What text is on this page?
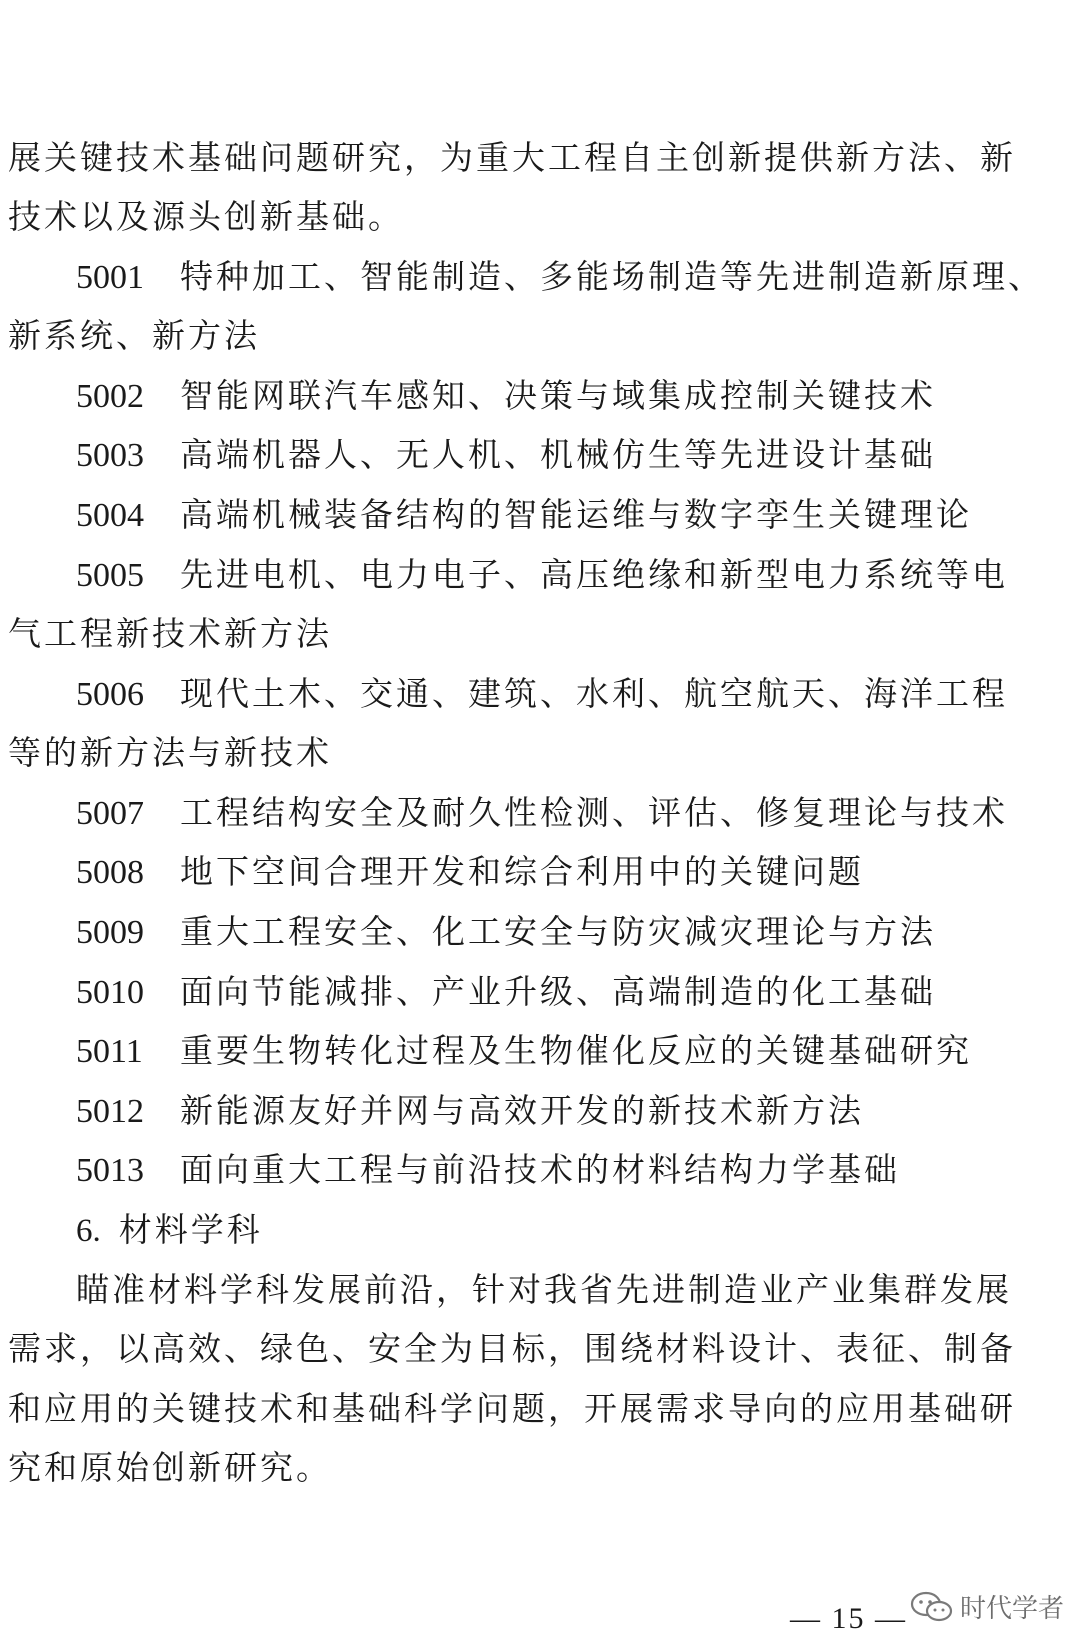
展关键技术基础问题研究，为重大工程自主创新提供新方法、新
技术以及源头创新基础。
5001 特种加工、智能制造、多能场制造等先进制造新原理、
新系统、新方法
5002 智能网联汽车感知、决策与域集成控制关键技术
5003 高端机器人、无人机、机械仿生等先进设计基础
5004 高端机械装备结构的智能运维与数字孪生关键理论
5005 先进电机、电力电子、高压绝缘和新型电力系统等电
气工程新技术新方法
5006 现代土木、交通、建筑、水利、航空航天、海洋工程
等的新方法与新技术
5007 工程结构安全及耐久性检测、评估、修复理论与技术
5008 地下空间合理开发和综合利用中的关键问题
5009 重大工程安全、化工安全与防灾减灾理论与方法
5010 面向节能减排、产业升级、高端制造的化工基础
5011 重要生物转化过程及生物催化反应的关键基础研究
5012 新能源友好并网与高效开发的新技术新方法
5013 面向重大工程与前沿技术的材料结构力学基础
6. 材料学科
瞄准材料学科发展前沿，针对我省先进制造业产业集群发展
需求，以高效、绿色、安全为目标，围绕材料设计、表征、制备
和应用的关键技术和基础科学问题，开展需求导向的应用基础研
究和原始创新研究。
— 15 — 时代学者
